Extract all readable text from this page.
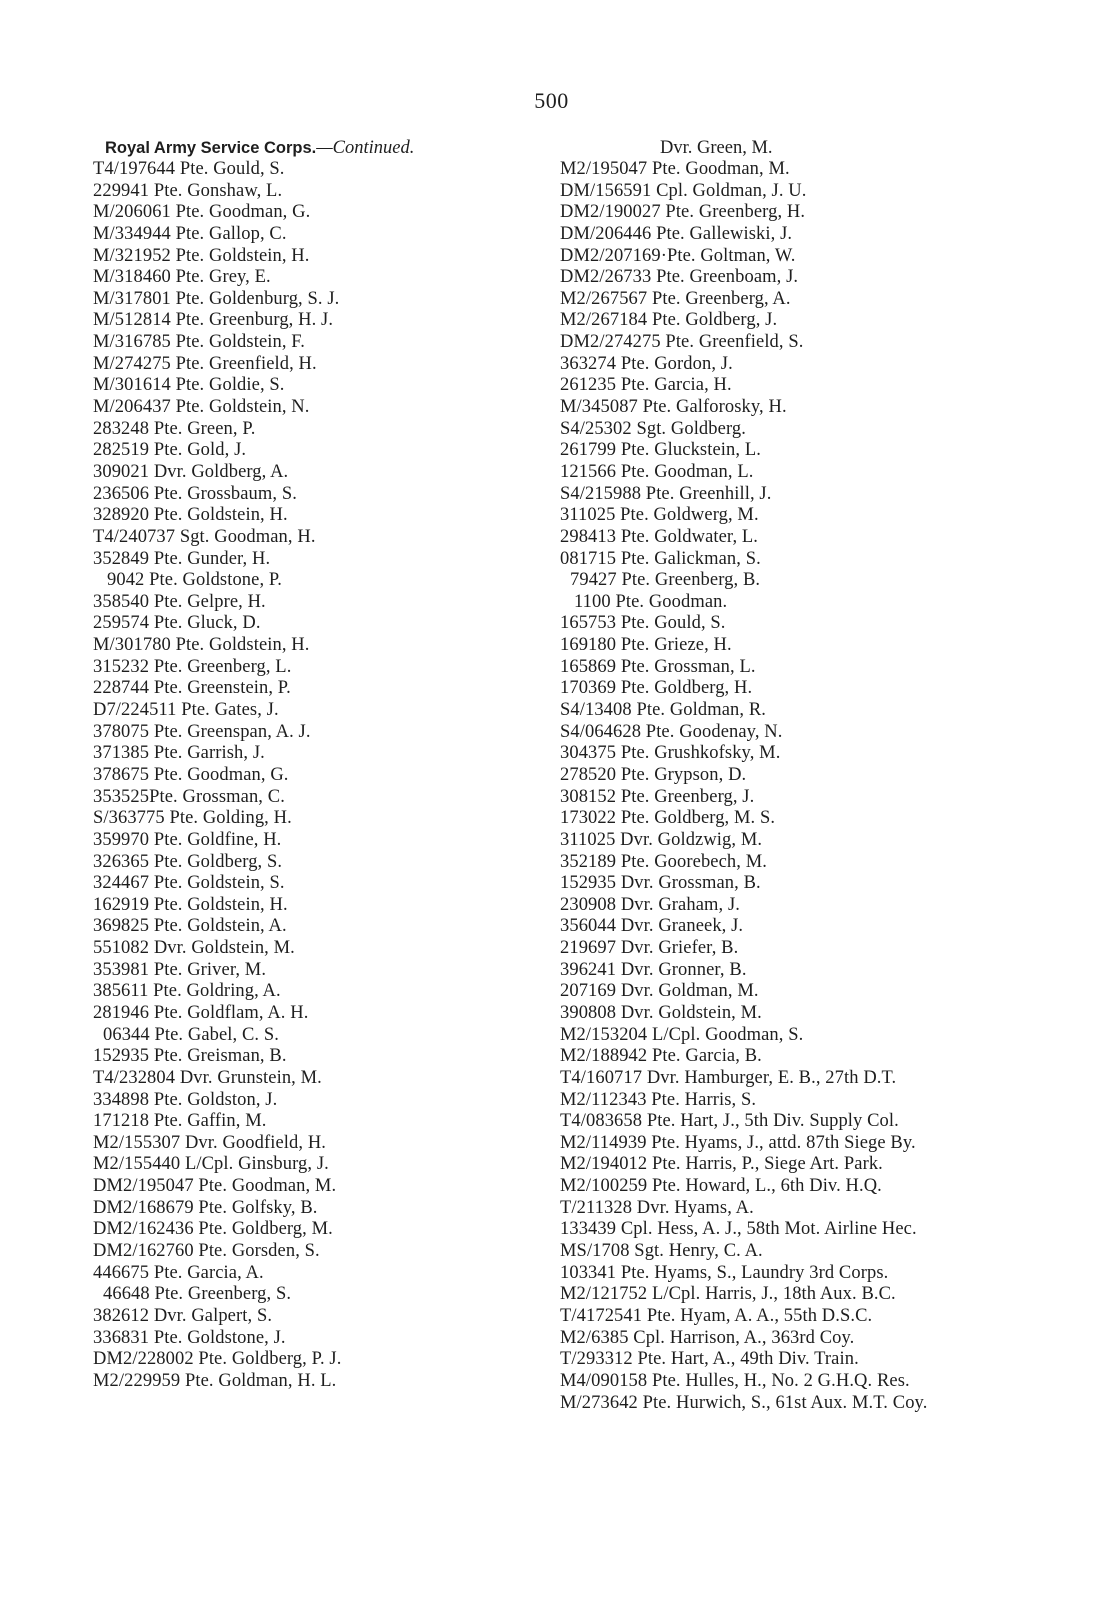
500
Royal Army Service Corps.—Continued.
T4/197644 Pte. Gould, S.
229941 Pte. Gonshaw, L.
M/206061 Pte. Goodman, G.
M/334944 Pte. Gallop, C.
M/321952 Pte. Goldstein, H.
M/318460 Pte. Grey, E.
M/317801 Pte. Goldenburg, S. J.
M/512814 Pte. Greenburg, H. J.
M/316785 Pte. Goldstein, F.
M/274275 Pte. Greenfield, H.
M/301614 Pte. Goldie, S.
M/206437 Pte. Goldstein, N.
283248 Pte. Green, P.
282519 Pte. Gold, J.
309021 Dvr. Goldberg, A.
236506 Pte. Grossbaum, S.
328920 Pte. Goldstein, H.
T4/240737 Sgt. Goodman, H.
352849 Pte. Gunder, H.
9042 Pte. Goldstone, P.
358540 Pte. Gelpre, H.
259574 Pte. Gluck, D.
M/301780 Pte. Goldstein, H.
315232 Pte. Greenberg, L.
228744 Pte. Greenstein, P.
D7/224511 Pte. Gates, J.
378075 Pte. Greenspan, A. J.
371385 Pte. Garrish, J.
378675 Pte. Goodman, G.
353525Pte. Grossman, C.
S/363775 Pte. Golding, H.
359970 Pte. Goldfine, H.
326365 Pte. Goldberg, S.
324467 Pte. Goldstein, S.
162919 Pte. Goldstein, H.
369825 Pte. Goldstein, A.
551082 Dvr. Goldstein, M.
353981 Pte. Griver, M.
385611 Pte. Goldring, A.
281946 Pte. Goldflam, A. H.
06344 Pte. Gabel, C. S.
152935 Pte. Greisman, B.
T4/232804 Dvr. Grunstein, M.
334898 Pte. Goldston, J.
171218 Pte. Gaffin, M.
M2/155307 Dvr. Goodfield, H.
M2/155440 L/Cpl. Ginsburg, J.
DM2/195047 Pte. Goodman, M.
DM2/168679 Pte. Golfsky, B.
DM2/162436 Pte. Goldberg, M.
DM2/162760 Pte. Gorsden, S.
446675 Pte. Garcia, A.
46648 Pte. Greenberg, S.
382612 Dvr. Galpert, S.
336831 Pte. Goldstone, J.
DM2/228002 Pte. Goldberg, P. J.
M2/229959 Pte. Goldman, H. L.
Dvr. Green, M.
M2/195047 Pte. Goodman, M.
DM/156591 Cpl. Goldman, J. U.
DM2/190027 Pte. Greenberg, H.
DM/206446 Pte. Gallewiski, J.
DM2/207169·Pte. Goltman, W.
DM2/26733 Pte. Greenboam, J.
M2/267567 Pte. Greenberg, A.
M2/267184 Pte. Goldberg, J.
DM2/274275 Pte. Greenfield, S.
363274 Pte. Gordon, J.
261235 Pte. Garcia, H.
M/345087 Pte. Galforosky, H.
S4/25302 Sgt. Goldberg.
261799 Pte. Gluckstein, L.
121566 Pte. Goodman, L.
S4/215988 Pte. Greenhill, J.
311025 Pte. Goldwerg, M.
298413 Pte. Goldwater, L.
081715 Pte. Galickman, S.
79427 Pte. Greenberg, B.
1100 Pte. Goodman.
165753 Pte. Gould, S.
169180 Pte. Grieze, H.
165869 Pte. Grossman, L.
170369 Pte. Goldberg, H.
S4/13408 Pte. Goldman, R.
S4/064628 Pte. Goodenay, N.
304375 Pte. Grushkofsky, M.
278520 Pte. Grypson, D.
308152 Pte. Greenberg, J.
173022 Pte. Goldberg, M. S.
311025 Dvr. Goldzwig, M.
352189 Pte. Goorebech, M.
152935 Dvr. Grossman, B.
230908 Dvr. Graham, J.
356044 Dvr. Graneek, J.
219697 Dvr. Griefer, B.
396241 Dvr. Gronner, B.
207169 Dvr. Goldman, M.
390808 Dvr. Goldstein, M.
M2/153204 L/Cpl. Goodman, S.
M2/188942 Pte. Garcia, B.
T4/160717 Dvr. Hamburger, E. B., 27th D.T.
M2/112343 Pte. Harris, S.
T4/083658 Pte. Hart, J., 5th Div. Supply Col.
M2/114939 Pte. Hyams, J., attd. 87th Siege By.
M2/194012 Pte. Harris, P., Siege Art. Park.
M2/100259 Pte. Howard, L., 6th Div. H.Q.
T/211328 Dvr. Hyams, A.
133439 Cpl. Hess, A. J., 58th Mot. Airline Hec.
MS/1708 Sgt. Henry, C. A.
103341 Pte. Hyams, S., Laundry 3rd Corps.
M2/121752 L/Cpl. Harris, J., 18th Aux. B.C.
T/4172541 Pte. Hyam, A. A., 55th D.S.C.
M2/6385 Cpl. Harrison, A., 363rd Coy.
T/293312 Pte. Hart, A., 49th Div. Train.
M4/090158 Pte. Hulles, H., No. 2 G.H.Q. Res.
M/273642 Pte. Hurwich, S., 61st Aux. M.T. Coy.
